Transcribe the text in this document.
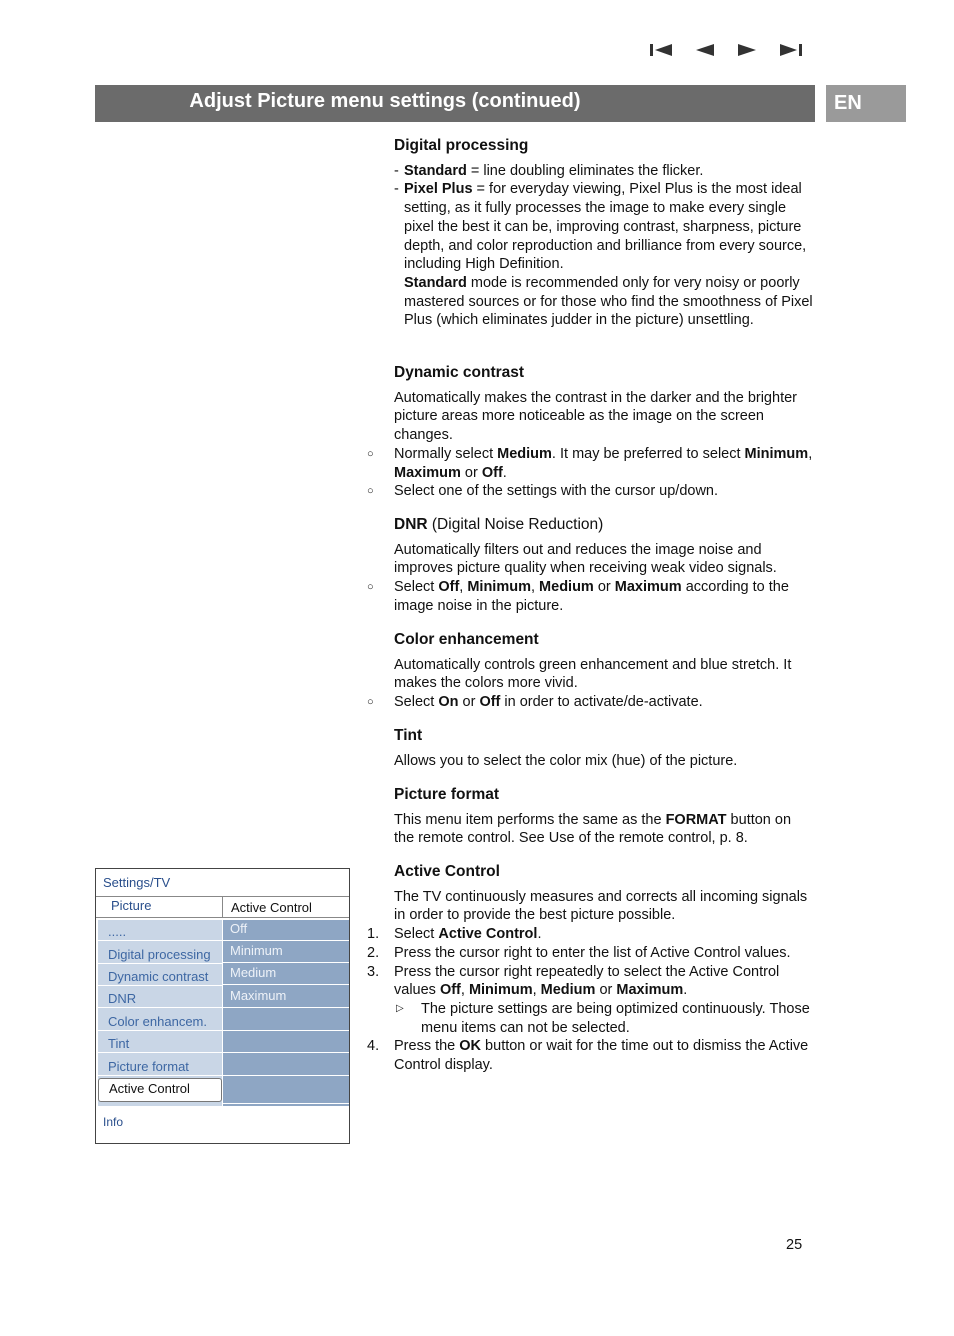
Adjust Picture menu settings (continued)	EN

Digital processing

- Standard = line doubling eliminates the flicker.
- Pixel Plus = for everyday viewing, Pixel Plus is the most ideal setting, as it fully processes the image to make every single pixel the best it can be, improving contrast, sharpness, picture depth, and color reproduction and brilliance from every source, including High Definition.
Standard mode is recommended only for very noisy or poorly mastered sources or for those who find the smoothness of Pixel Plus (which eliminates judder in the picture) unsettling.

Dynamic contrast

Automatically makes the contrast in the darker and the brighter picture areas more noticeable as the image on the screen changes.

○ Normally select Medium. It may be preferred to select Minimum, Maximum or Off.
○ Select one of the settings with the cursor up/down.

DNR (Digital Noise Reduction)

Automatically filters out and reduces the image noise and improves picture quality when receiving weak video signals.

○ Select Off, Minimum, Medium or Maximum according to the image noise in the picture.

Color enhancement

Automatically controls green enhancement and blue stretch. It makes the colors more vivid.

○ Select On or Off in order to activate/de-activate.

Tint

Allows you to select the color mix (hue) of the picture.

Picture format

This menu item performs the same as the FORMAT button on the remote control. See Use of the remote control, p. 8.

Active Control

The TV continuously measures and corrects all incoming signals in order to provide the best picture possible.

1. Select Active Control.
2. Press the cursor right to enter the list of Active Control values.
3. Press the cursor right repeatedly to select the Active Control values Off, Minimum, Medium or Maximum.
▷ The picture settings are being optimized continuously. Those menu items can not be selected.
4. Press the OK button or wait for the time out to dismiss the Active Control display.
Settings/TV
Picture	Active Control
.....
Digital processing
Dynamic contrast
DNR
Color enhancem.
Tint
Picture format
Active Control
Off
Minimum
Medium
Maximum
Info
25
